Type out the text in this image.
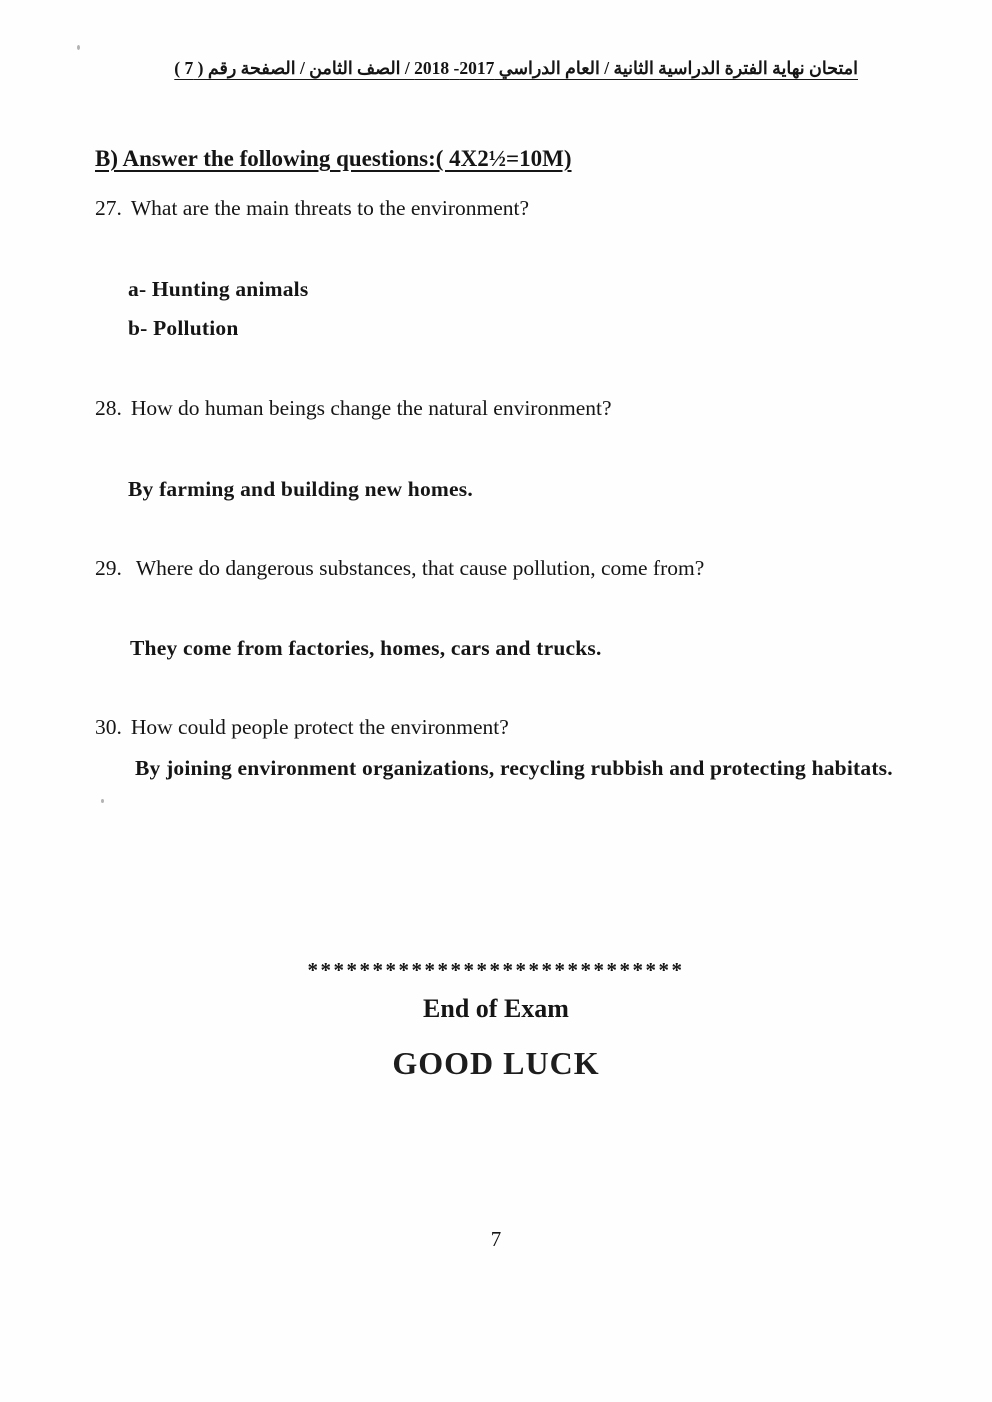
امتحان نهاية الفترة الدراسية الثانية / العام الدراسي 2017- 2018 / الصف الثامن / الصفحة رقم ( 7 )
B) Answer the following questions:( 4X2½=10M)
27. What are the main threats to the environment?
a- Hunting animals
b- Pollution
28. How do human beings change the natural environment?
By farming and building new homes.
29. Where do dangerous substances, that cause pollution, come from?
They come from factories, homes, cars and trucks.
30. How could people protect the environment?
By joining environment organizations, recycling rubbish and protecting habitats.
*****************************
End of Exam
GOOD LUCK
7
